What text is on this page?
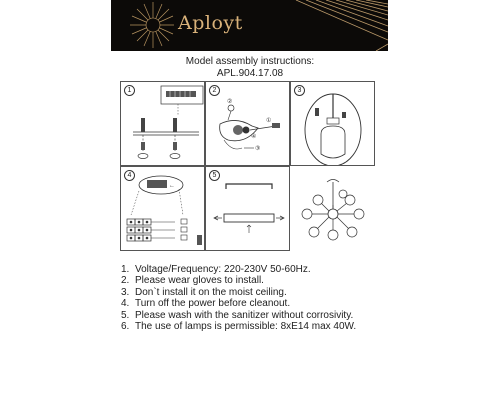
Aployt
Model assembly instructions:
APL.904.17.08
1	2
②
①
④
③
3
4
←
5
1. Voltage/Frequency: 220-230V 50-60Hz.
2. Please wear gloves to install.
3. Don`t install it on the moist ceiling.
4. Turn off the power before cleanout.
5. Please wash with the sanitizer without corrosivity.
6. The use of lamps is permissible: 8xE14 max 40W.
